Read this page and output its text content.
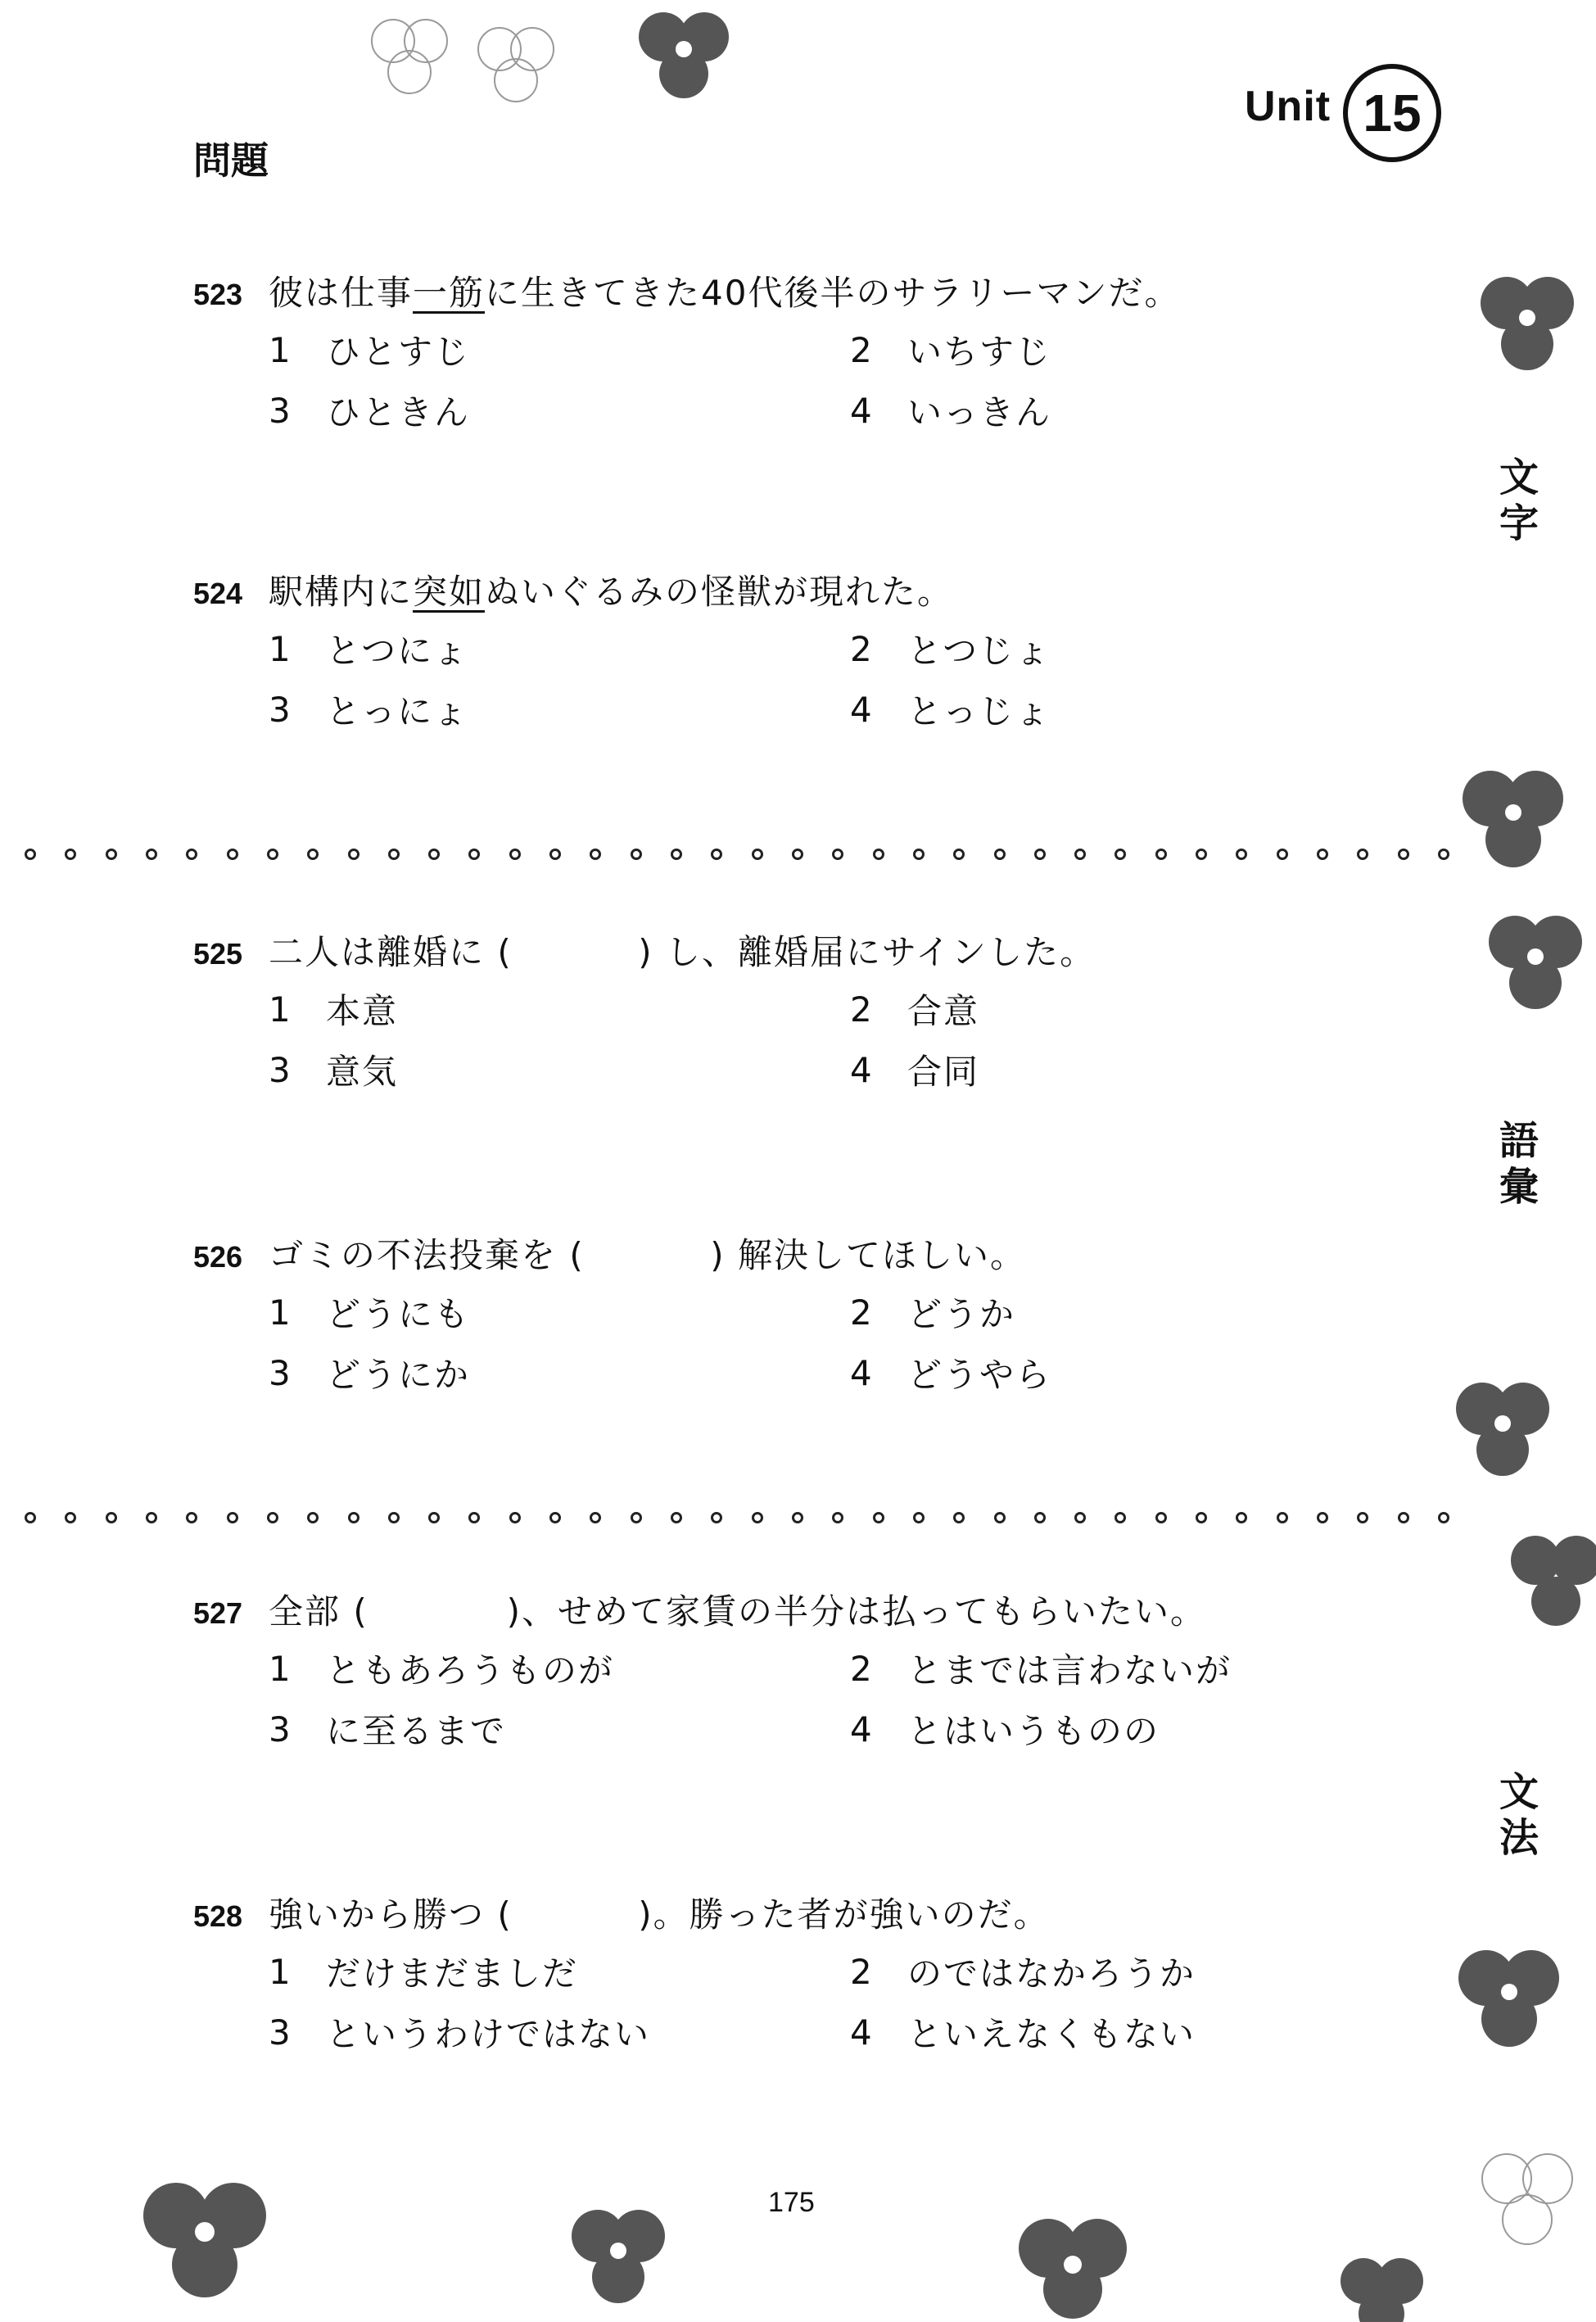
問題
Unit 15
523 彼は仕事一筋に生きてきた40代後半のサラリーマンだ。
1 ひとすじ	2 いちすじ
3 ひときん	4 いっきん
524 駅構内に突如ぬいぐるみの怪獣が現れた。
1 とつにょ	2 とつじょ
3 とっにょ	4 とっじょ
525 二人は離婚に (	) し、離婚届にサインした。
1 本意	2 合意
3 意気	4 合同
526 ゴミの不法投棄を (	) 解決してほしい。
1 どうにも	2 どうか
3 どうにか	4 どうやら
527 全部 (	)、せめて家賃の半分は払ってもらいたい。
1 ともあろうものが	2 とまでは言わないが
3 に至るまで	4 とはいうものの
528 強いから勝つ (	)。勝った者が強いのだ。
1 だけまだましだ	2 のではなかろうか
3 というわけではない	4 といえなくもない
文字
語彙
文法
175
